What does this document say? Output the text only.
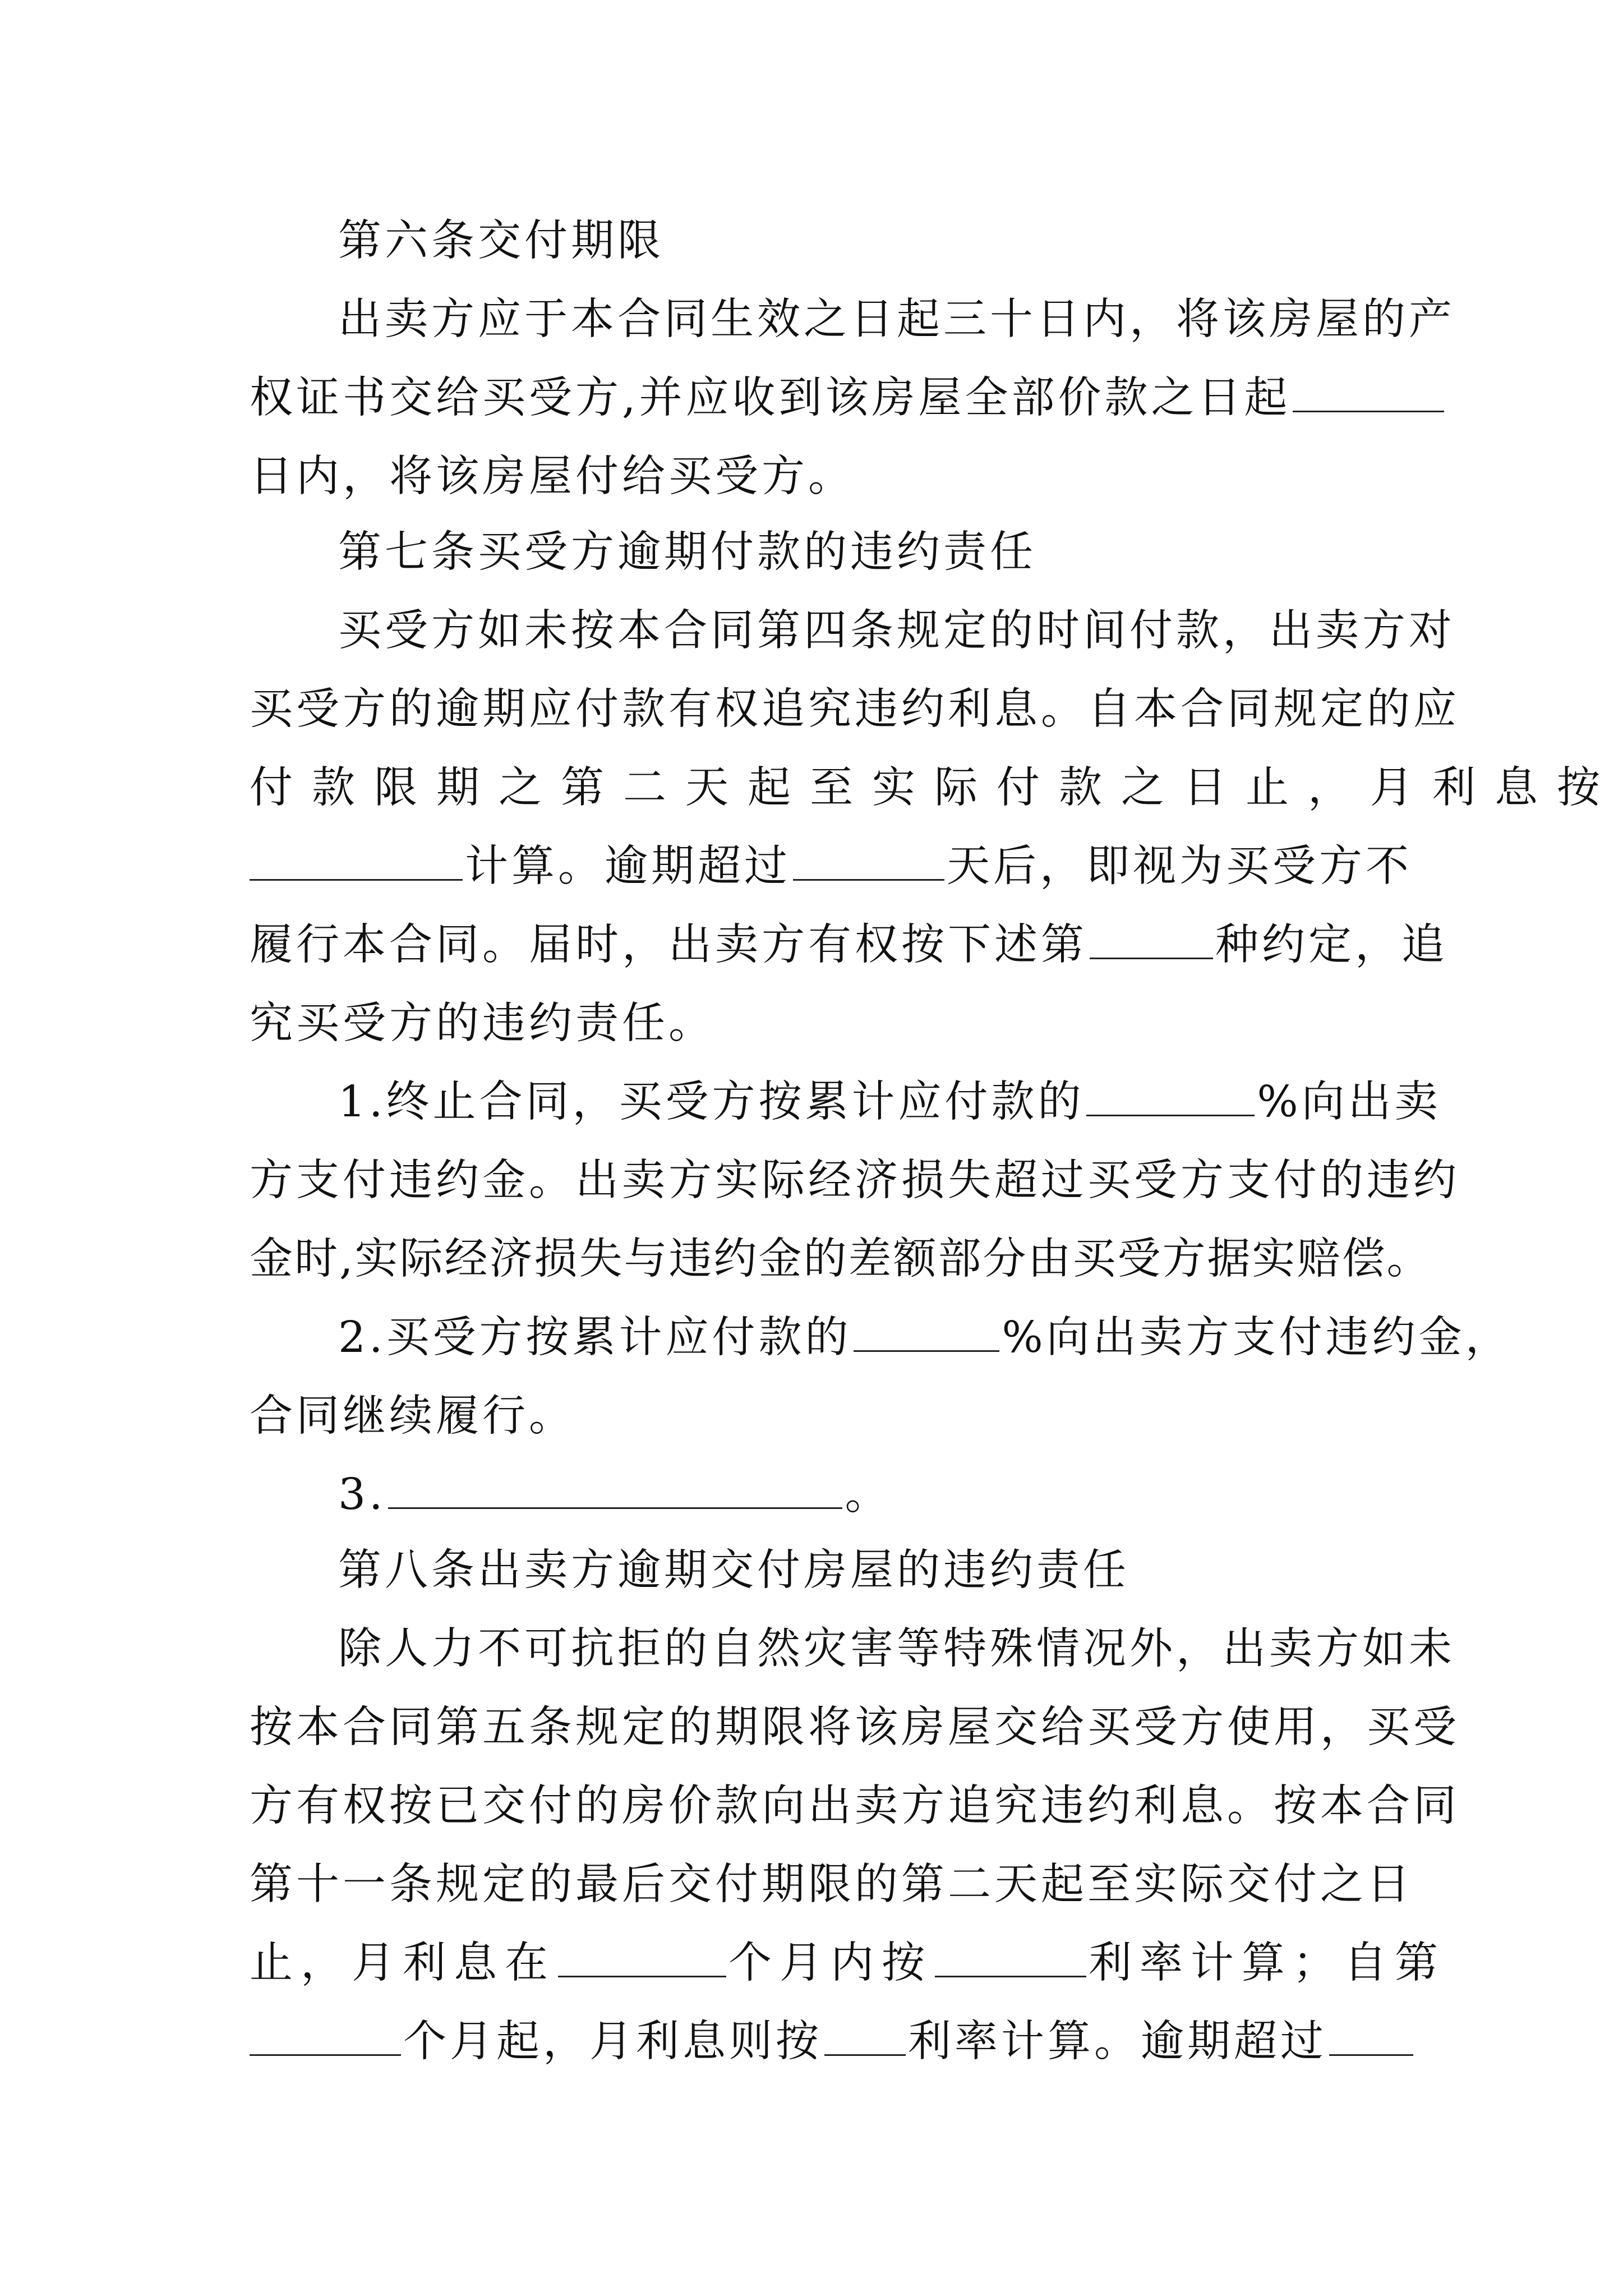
第六条交付期限
出卖方应于本合同生效之日起三十日内，将该房屋的产
权证书交给买受方,并应收到该房屋全部价款之日起
日内，将该房屋付给买受方。
第七条买受方逾期付款的违约责任
买受方如未按本合同第四条规定的时间付款，出卖方对
买受方的逾期应付款有权追究违约利息。自本合同规定的应
付款限期之第二天起至实际付款之日止，月利息按
计算。逾期超过	天后，即视为买受方不
履行本合同。届时，出卖方有权按下述第	种约定，追
究买受方的违约责任。
1.终止合同，买受方按累计应付款的	%向出卖
方支付违约金。出卖方实际经济损失超过买受方支付的违约
金时,实际经济损失与违约金的差额部分由买受方据实赔偿。
2.买受方按累计应付款的	%向出卖方支付违约金，
合同继续履行。
3.	。
第八条出卖方逾期交付房屋的违约责任
除人力不可抗拒的自然灾害等特殊情况外，出卖方如未
按本合同第五条规定的期限将该房屋交给买受方使用，买受
方有权按已交付的房价款向出卖方追究违约利息。按本合同
第十一条规定的最后交付期限的第二天起至实际交付之日
止，月利息在	个月内按	利率计算；自第
个月起，月利息则按 利率计算。逾期超过
